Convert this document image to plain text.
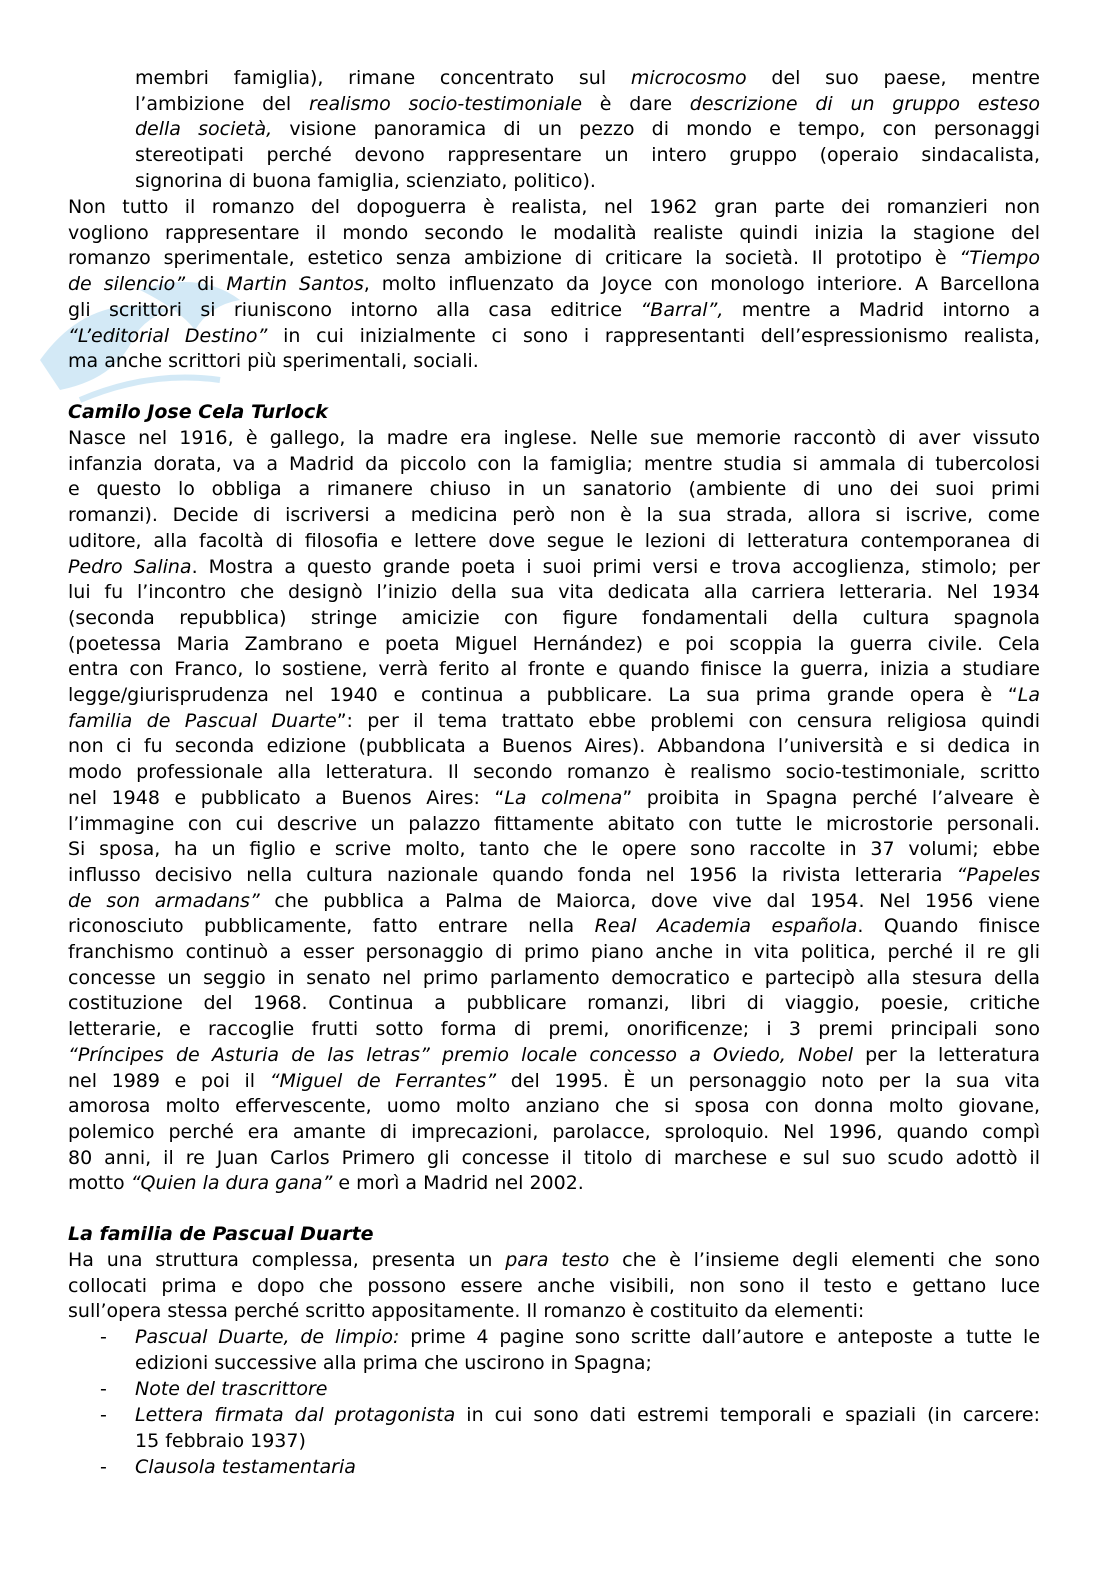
membri famiglia), rimane concentrato sul microcosmo del suo paese, mentre

l’ambizione del realismo socio-testimoniale è dare descrizione di un gruppo esteso

della società, visione panoramica di un pezzo di mondo e tempo, con personaggi

stereotipati perché devono rappresentare un intero gruppo (operaio sindacalista,

signorina di buona famiglia, scienziato, politico).

Non tutto il romanzo del dopoguerra è realista, nel 1962 gran parte dei romanzieri non

vogliono rappresentare il mondo secondo le modalità realiste quindi inizia la stagione del

romanzo sperimentale, estetico senza ambizione di criticare la società. Il prototipo è “Tiempo

de silencio” di Martin Santos, molto influenzato da Joyce con monologo interiore. A Barcellona

gli scrittori si riuniscono intorno alla casa editrice “Barral”, mentre a Madrid intorno a

“L’editorial Destino” in cui inizialmente ci sono i rappresentanti dell’espressionismo realista,

ma anche scrittori più sperimentali, sociali.

Camilo Jose Cela Turlock

Nasce nel 1916, è gallego, la madre era inglese. Nelle sue memorie raccontò di aver vissuto

infanzia dorata, va a Madrid da piccolo con la famiglia; mentre studia si ammala di tubercolosi

e questo lo obbliga a rimanere chiuso in un sanatorio (ambiente di uno dei suoi primi

romanzi). Decide di iscriversi a medicina però non è la sua strada, allora si iscrive, come

uditore, alla facoltà di filosofia e lettere dove segue le lezioni di letteratura contemporanea di

Pedro Salina. Mostra a questo grande poeta i suoi primi versi e trova accoglienza, stimolo; per

lui fu l’incontro che designò l’inizio della sua vita dedicata alla carriera letteraria. Nel 1934

(seconda repubblica) stringe amicizie con figure fondamentali della cultura spagnola

(poetessa Maria Zambrano e poeta Miguel Hernández) e poi scoppia la guerra civile. Cela

entra con Franco, lo sostiene, verrà ferito al fronte e quando finisce la guerra, inizia a studiare

legge/giurisprudenza nel 1940 e continua a pubblicare. La sua prima grande opera è “La

familia de Pascual Duarte”: per il tema trattato ebbe problemi con censura religiosa quindi

non ci fu seconda edizione (pubblicata a Buenos Aires). Abbandona l’università e si dedica in

modo professionale alla letteratura. Il secondo romanzo è realismo socio-testimoniale, scritto

nel 1948 e pubblicato a Buenos Aires: “La colmena” proibita in Spagna perché l’alveare è

l’immagine con cui descrive un palazzo fittamente abitato con tutte le microstorie personali.

Si sposa, ha un figlio e scrive molto, tanto che le opere sono raccolte in 37 volumi; ebbe

influsso decisivo nella cultura nazionale quando fonda nel 1956 la rivista letteraria “Papeles

de son armadans” che pubblica a Palma de Maiorca, dove vive dal 1954. Nel 1956 viene

riconosciuto pubblicamente, fatto entrare nella Real Academia española. Quando finisce

franchismo continuò a esser personaggio di primo piano anche in vita politica, perché il re gli

concesse un seggio in senato nel primo parlamento democratico e partecipò alla stesura della

costituzione del 1968. Continua a pubblicare romanzi, libri di viaggio, poesie, critiche

letterarie, e raccoglie frutti sotto forma di premi, onorificenze; i 3 premi principali sono

“Príncipes de Asturia de las letras” premio locale concesso a Oviedo, Nobel per la letteratura

nel 1989 e poi il “Miguel de Ferrantes” del 1995. È un personaggio noto per la sua vita

amorosa molto effervescente, uomo molto anziano che si sposa con donna molto giovane,

polemico perché era amante di imprecazioni, parolacce, sproloquio. Nel 1996, quando compì

80 anni, il re Juan Carlos Primero gli concesse il titolo di marchese e sul suo scudo adottò il

motto “Quien la dura gana” e morì a Madrid nel 2002.

La familia de Pascual Duarte

Ha una struttura complessa, presenta un para testo che è l’insieme degli elementi che sono

collocati prima e dopo che possono essere anche visibili, non sono il testo e gettano luce

sull’opera stessa perché scritto appositamente. Il romanzo è costituito da elementi:

- Pascual Duarte, de limpio: prime 4 pagine sono scritte dall’autore e anteposte a tutte le

edizioni successive alla prima che uscirono in Spagna;

- Note del trascrittore

- Lettera firmata dal protagonista in cui sono dati estremi temporali e spaziali (in carcere:

15 febbraio 1937)

- Clausola testamentaria
